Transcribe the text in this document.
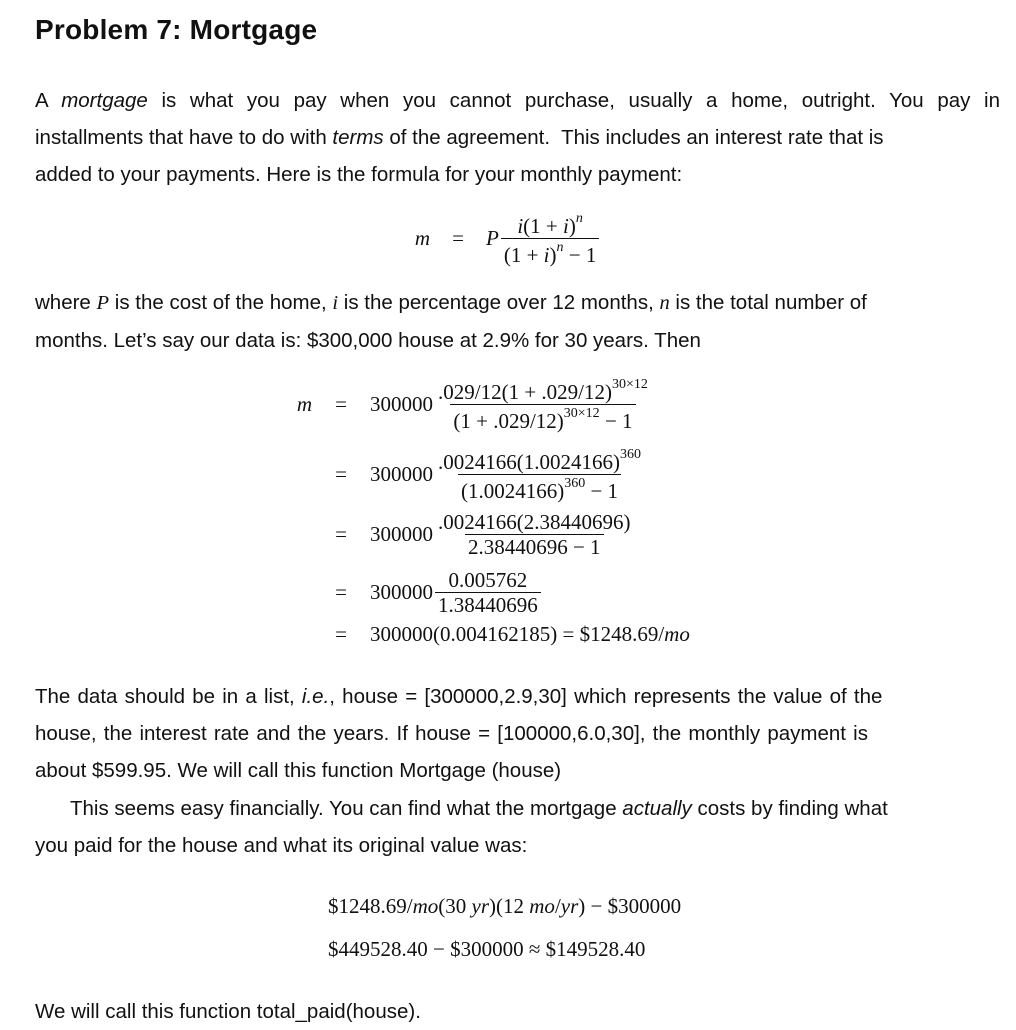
Problem 7: Mortgage
A mortgage is what you pay when you cannot purchase, usually a home, outright. You pay in
installments that have to do with terms of the agreement.  This includes an interest rate that is
added to your payments. Here is the formula for your monthly payment:
m	=	P $\frac{i(1 + i)^n}{(1 + i)^n - 1}$
where P is the cost of the home, i is the percentage over 12 months, n is the total number of
months. Let’s say our data is: $300,000 house at 2.9% for 30 years. Then
m	=	$300000 \frac{.029/12(1 + .029/12)^{30\times 12}}{(1 + .029/12)^{30\times 12} - 1}$
=	$300000 \frac{.0024166(1.0024166)^{360}}{(1.0024166)^{360} - 1}$
=	$300000 \frac{.0024166(2.38440696)}{2.38440696 - 1}$
=	$300000 \frac{0.005762}{1.38440696}$
=	300000(0.004162185) = $1248.69/mo
The data should be in a list, i.e., house = [300000,2.9,30] which represents the value of the
house, the interest rate and the years. If house = [100000,6.0,30], the monthly payment is
about $599.95. We will call this function Mortgage (house)
This seems easy financially. You can find what the mortgage actually costs by finding what
you paid for the house and what its original value was:
$1248.69/ mo (30 yr )(12 mo / yr ) − $300000
$449528.40 − $300000 ≈ $149528.40
We will call this function total_paid(house).
